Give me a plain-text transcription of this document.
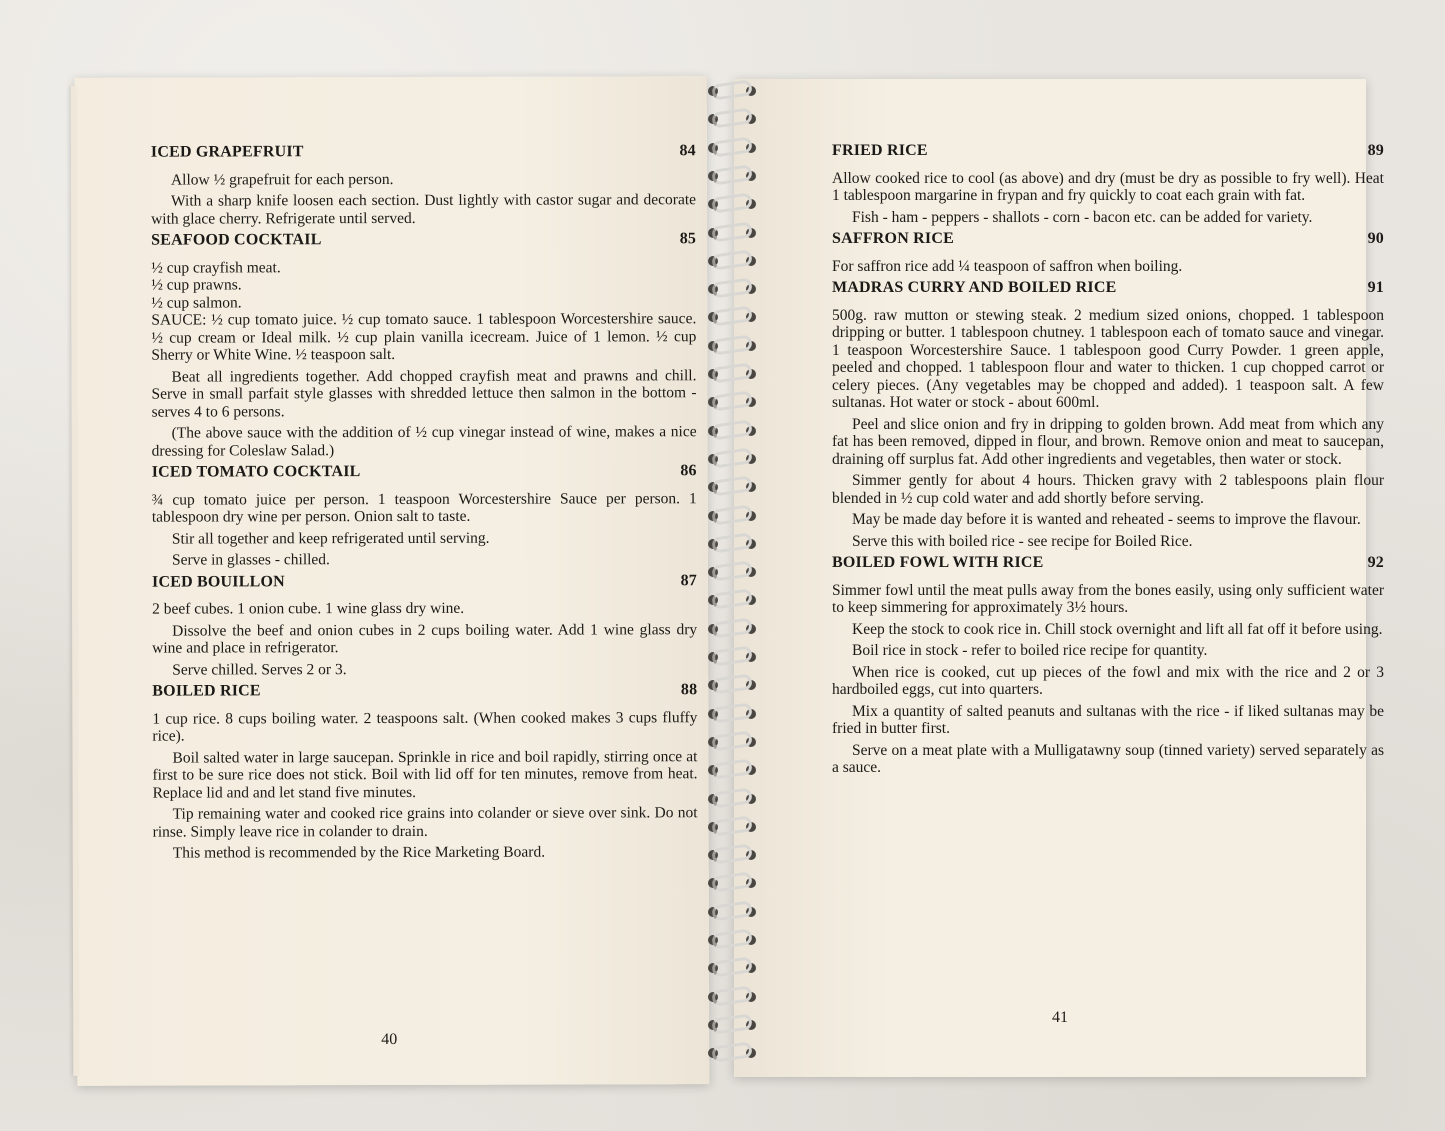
ICED GRAPEFRUIT	84

Allow ½ grapefruit for each person.

With a sharp knife loosen each section. Dust lightly with castor sugar and decorate with glace cherry. Refrigerate until served.

SEAFOOD COCKTAIL	85

½ cup crayfish meat.

½ cup prawns.

½ cup salmon.

SAUCE: ½ cup tomato juice. ½ cup tomato sauce. 1 tablespoon Worcestershire sauce. ½ cup cream or Ideal milk. ½ cup plain vanilla icecream. Juice of 1 lemon. ½ cup Sherry or White Wine. ½ teaspoon salt.

Beat all ingredients together. Add chopped crayfish meat and prawns and chill. Serve in small parfait style glasses with shredded lettuce then salmon in the bottom - serves 4 to 6 persons.

(The above sauce with the addition of ½ cup vinegar instead of wine, makes a nice dressing for Coleslaw Salad.)

ICED TOMATO COCKTAIL	86

¾ cup tomato juice per person. 1 teaspoon Worcestershire Sauce per person. 1 tablespoon dry wine per person. Onion salt to taste.

Stir all together and keep refrigerated until serving.

Serve in glasses - chilled.

ICED BOUILLON	87

2 beef cubes. 1 onion cube. 1 wine glass dry wine.

Dissolve the beef and onion cubes in 2 cups boiling water. Add 1 wine glass dry wine and place in refrigerator.

Serve chilled. Serves 2 or 3.

BOILED RICE	88

1 cup rice. 8 cups boiling water. 2 teaspoons salt. (When cooked makes 3 cups fluffy rice).

Boil salted water in large saucepan. Sprinkle in rice and boil rapidly, stirring once at first to be sure rice does not stick. Boil with lid off for ten minutes, remove from heat. Replace lid and and let stand five minutes.

Tip remaining water and cooked rice grains into colander or sieve over sink. Do not rinse. Simply leave rice in colander to drain.

This method is recommended by the Rice Marketing Board.

40
FRIED RICE	89

Allow cooked rice to cool (as above) and dry (must be dry as possible to fry well). Heat 1 tablespoon margarine in frypan and fry quickly to coat each grain with fat.

Fish - ham - peppers - shallots - corn - bacon etc. can be added for variety.

SAFFRON RICE	90

For saffron rice add ¼ teaspoon of saffron when boiling.

MADRAS CURRY AND BOILED RICE	91

500g. raw mutton or stewing steak. 2 medium sized onions, chopped. 1 tablespoon dripping or butter. 1 tablespoon chutney. 1 tablespoon each of tomato sauce and vinegar. 1 teaspoon Worcestershire Sauce. 1 tablespoon good Curry Powder. 1 green apple, peeled and chopped. 1 tablespoon flour and water to thicken. 1 cup chopped carrot or celery pieces. (Any vegetables may be chopped and added). 1 teaspoon salt. A few sultanas. Hot water or stock - about 600ml.

Peel and slice onion and fry in dripping to golden brown. Add meat from which any fat has been removed, dipped in flour, and brown. Remove onion and meat to saucepan, draining off surplus fat. Add other ingredients and vegetables, then water or stock.

Simmer gently for about 4 hours. Thicken gravy with 2 tablespoons plain flour blended in ½ cup cold water and add shortly before serving.

May be made day before it is wanted and reheated - seems to improve the flavour.

Serve this with boiled rice - see recipe for Boiled Rice.

BOILED FOWL WITH RICE	92

Simmer fowl until the meat pulls away from the bones easily, using only sufficient water to keep simmering for approximately 3½ hours.

Keep the stock to cook rice in. Chill stock overnight and lift all fat off it before using.

Boil rice in stock - refer to boiled rice recipe for quantity.

When rice is cooked, cut up pieces of the fowl and mix with the rice and 2 or 3 hardboiled eggs, cut into quarters.

Mix a quantity of salted peanuts and sultanas with the rice - if liked sultanas may be fried in butter first.

Serve on a meat plate with a Mulligatawny soup (tinned variety) served separately as a sauce.

41
